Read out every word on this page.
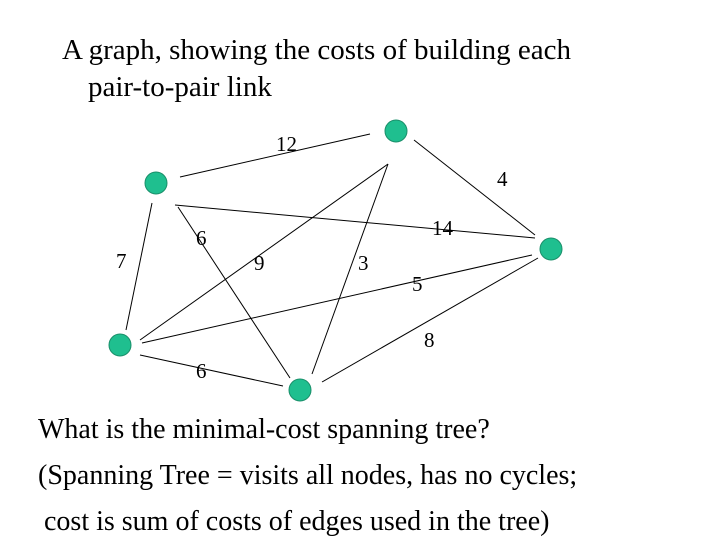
A graph, showing the costs of building each
pair-to-pair link
12
4
14
7
6
6
9	3
5
8
What is the minimal-cost spanning tree?
(Spanning Tree = visits all nodes, has no cycles;
cost is sum of costs of edges used in the tree)
